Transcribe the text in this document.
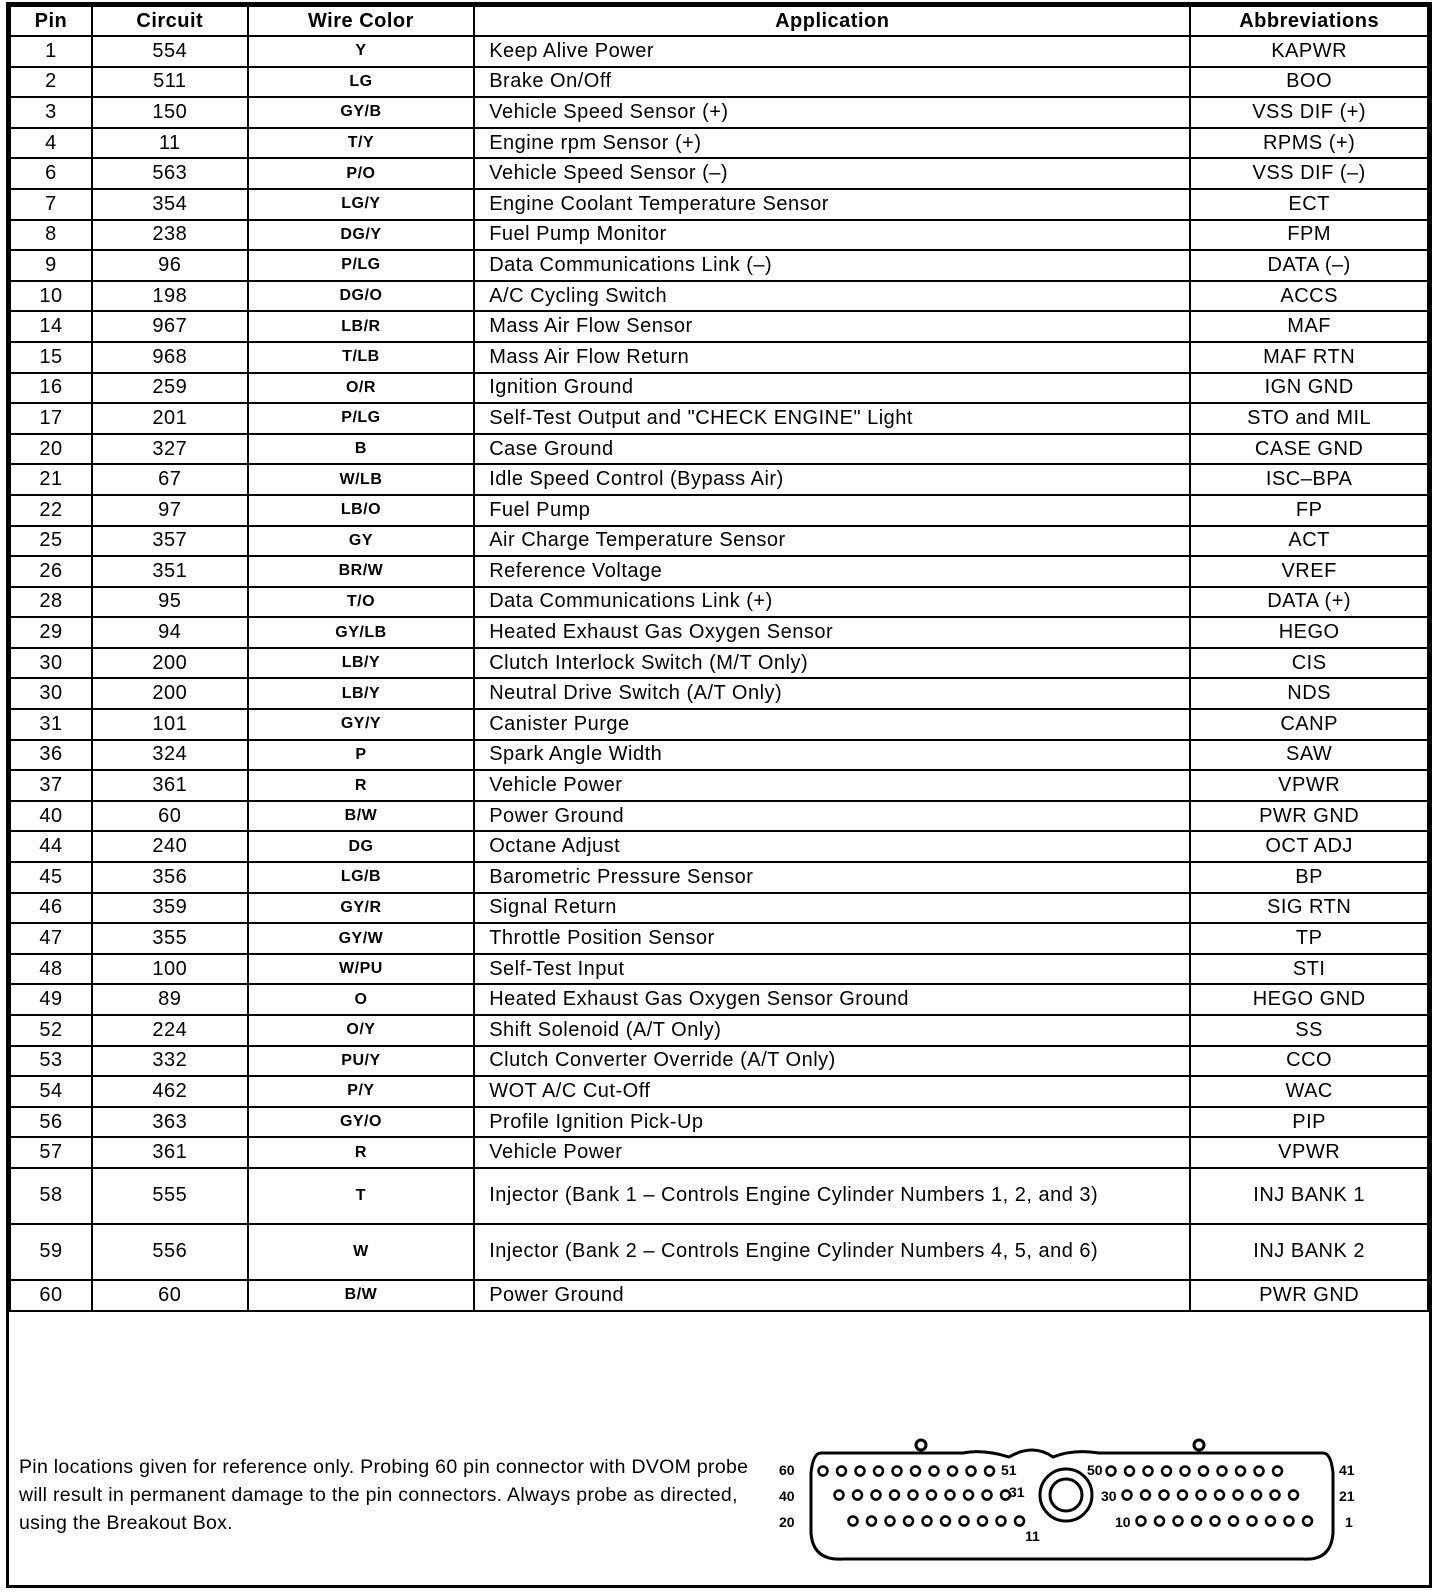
Pin	Circuit	Wire Color	Application	Abbreviations
1	554	Y	Keep Alive Power	KAPWR
2	511	LG	Brake On/Off	BOO
3	150	GY/B	Vehicle Speed Sensor (+)	VSS DIF (+)
4	11	T/Y	Engine rpm Sensor (+)	RPMS (+)
6	563	P/O	Vehicle Speed Sensor (–)	VSS DIF (–)
7	354	LG/Y	Engine Coolant Temperature Sensor	ECT
8	238	DG/Y	Fuel Pump Monitor	FPM
9	96	P/LG	Data Communications Link (–)	DATA (–)
10	198	DG/O	A/C Cycling Switch	ACCS
14	967	LB/R	Mass Air Flow Sensor	MAF
15	968	T/LB	Mass Air Flow Return	MAF RTN
16	259	O/R	Ignition Ground	IGN GND
17	201	P/LG	Self-Test Output and "CHECK ENGINE" Light	STO and MIL
20	327	B	Case Ground	CASE GND
21	67	W/LB	Idle Speed Control (Bypass Air)	ISC–BPA
22	97	LB/O	Fuel Pump	FP
25	357	GY	Air Charge Temperature Sensor	ACT
26	351	BR/W	Reference Voltage	VREF
28	95	T/O	Data Communications Link (+)	DATA (+)
29	94	GY/LB	Heated Exhaust Gas Oxygen Sensor	HEGO
30	200	LB/Y	Clutch Interlock Switch (M/T Only)	CIS
30	200	LB/Y	Neutral Drive Switch (A/T Only)	NDS
31	101	GY/Y	Canister Purge	CANP
36	324	P	Spark Angle Width	SAW
37	361	R	Vehicle Power	VPWR
40	60	B/W	Power Ground	PWR GND
44	240	DG	Octane Adjust	OCT ADJ
45	356	LG/B	Barometric Pressure Sensor	BP
46	359	GY/R	Signal Return	SIG RTN
47	355	GY/W	Throttle Position Sensor	TP
48	100	W/PU	Self-Test Input	STI
49	89	O	Heated Exhaust Gas Oxygen Sensor Ground	HEGO GND
52	224	O/Y	Shift Solenoid (A/T Only)	SS
53	332	PU/Y	Clutch Converter Override (A/T Only)	CCO
54	462	P/Y	WOT A/C Cut-Off	WAC
56	363	GY/O	Profile Ignition Pick-Up	PIP
57	361	R	Vehicle Power	VPWR
58	555	T	Injector (Bank 1 – Controls Engine Cylinder Numbers 1, 2, and 3)	INJ BANK 1
59	556	W	Injector (Bank 2 – Controls Engine Cylinder Numbers 4, 5, and 6)	INJ BANK 2
60	60	B/W	Power Ground	PWR GND
Pin locations given for reference only. Probing 60 pin connector with DVOM probe will result in permanent damage to the pin connectors. Always probe as directed, using the Breakout Box.
60	51	50	41
40	31	30	21
20
11
10	1
